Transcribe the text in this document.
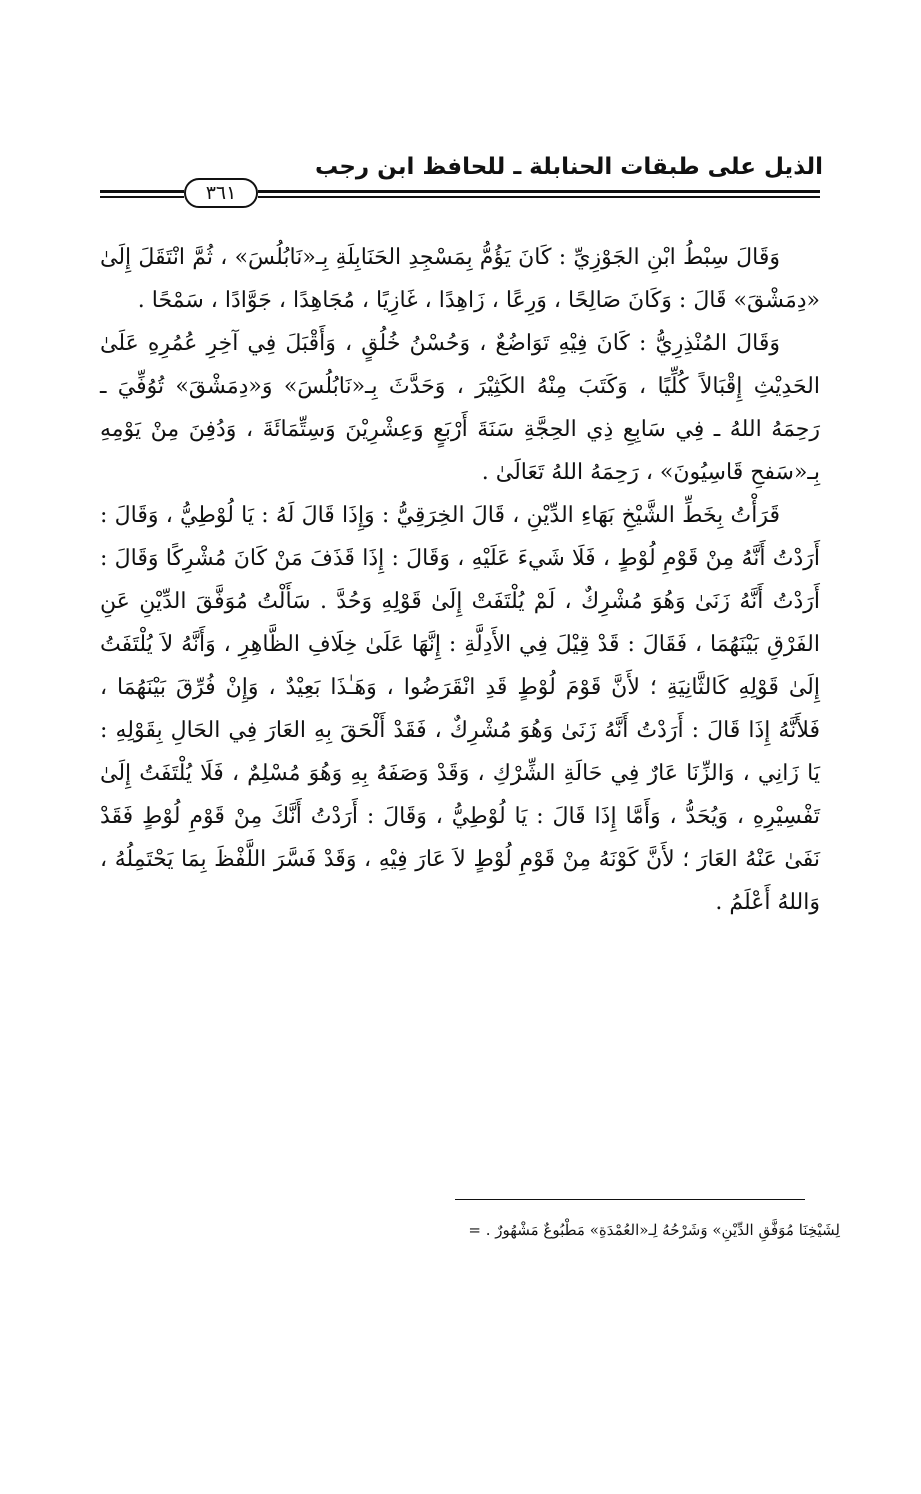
الذيل على طبقات الحنابلة ـ للحافظ ابن رجب
٣٦١

وَقَالَ سِبْطُ ابْنِ الجَوْزِيِّ : كَانَ يَؤُمُّ بِمَسْجِدِ الحَنَابِلَةِ بِـ«نَابُلُسَ» ، ثُمَّ انْتَقَلَ إِلَىٰ «دِمَشْقَ» قَالَ : وَكَانَ صَالِحًا ، وَرِعًا ، زَاهِدًا ، غَازِيًا ، مُجَاهِدًا ، جَوَّادًا ، سَمْحًا .

وَقَالَ المُنْذِرِيُّ : كَانَ فِيْهِ تَوَاضُعٌ ، وَحُسْنُ خُلُقٍ ، وَأَقْبَلَ فِي آخِرِ عُمُرِهِ عَلَىٰ الحَدِيْثِ إِقْبَالاً كُلِّيًا ، وَكَتَبَ مِنْهُ الكَثِيْرَ ، وَحَدَّثَ بِـ«نَابُلُسَ» وَ«دِمَشْقَ» تُوُفِّيَ ـ رَحِمَهُ اللهُ ـ فِي سَابِعِ ذِي الحِجَّةِ سَنَةَ أَرْبَعٍ وَعِشْرِيْنَ وَسِتِّمَائَةَ ، وَدُفِنَ مِنْ يَوْمِهِ بِـ«سَفحِ قَاسِيُونَ» ، رَحِمَهُ اللهُ تَعَالَىٰ .

قَرَأْتُ بِخَطِّ الشَّيْخِ بَهَاءِ الدِّيْنِ ، قَالَ الخِرَقِيُّ : وَإِذَا قَالَ لَهُ : يَا لُوْطِيُّ ، وَقَالَ : أَرَدْتُ أَنَّهُ مِنْ قَوْمِ لُوْطٍ ، فَلَا شَيءَ عَلَيْهِ ، وَقَالَ : إِذَا قَذَفَ مَنْ كَانَ مُشْرِكًا وَقَالَ : أَرَدْتُ أَنَّهُ زَنَىٰ وَهُوَ مُشْرِكٌ ، لَمْ يُلْتَفَتْ إِلَىٰ قَوْلِهِ وَحُدَّ . سَأَلْتُ مُوَفَّقَ الدِّيْنِ عَنِ الفَرْقِ بَيْنَهُمَا ، فَقَالَ : قَدْ قِيْلَ فِي الأَدِلَّةِ : إِنَّهَا عَلَىٰ خِلَافِ الظَّاهِرِ ، وَأَنَّهُ لاَ يُلْتَفَتُ إِلَىٰ قَوْلِهِ كَالثَّانِيَةِ ؛ لأَنَّ قَوْمَ لُوْطٍ قَدِ انْقَرَضُوا ، وَهَـٰذَا بَعِيْدٌ ، وَإِنْ فُرِّقَ بَيْنَهُمَا ، فَلأَنَّهُ إِذَا قَالَ : أَرَدْتُ أَنَّهُ زَنَىٰ وَهُوَ مُشْرِكٌ ، فَقَدْ أَلْحَقَ بِهِ العَارَ فِي الحَالِ بِقَوْلِهِ : يَا زَانِي ، وَالزِّنَا عَارٌ فِي حَالَةِ الشِّرْكِ ، وَقَدْ وَصَفَهُ بِهِ وَهُوَ مُسْلِمٌ ، فَلَا يُلْتَفَتُ إِلَىٰ تَفْسِيْرِهِ ، وَيُحَدُّ ، وَأَمَّا إِذَا قَالَ : يَا لُوْطِيُّ ، وَقَالَ : أَرَدْتُ أَنَّكَ مِنْ قَوْمِ لُوْطٍ فَقَدْ نَفَىٰ عَنْهُ العَارَ ؛ لأَنَّ كَوْنَهُ مِنْ قَوْمِ لُوْطٍ لاَ عَارَ فِيْهِ ، وَقَدْ فَسَّرَ اللَّفْظَ بِمَا يَحْتَمِلُهُ ، وَاللهُ أَعْلَمُ .

لِشَيْخِنَا مُوَفَّقِ الدِّيْنِ» وَشَرْحُهُ لِـ«العُمْدَةِ» مَطْبُوعٌ مَشْهُورٌ . =
